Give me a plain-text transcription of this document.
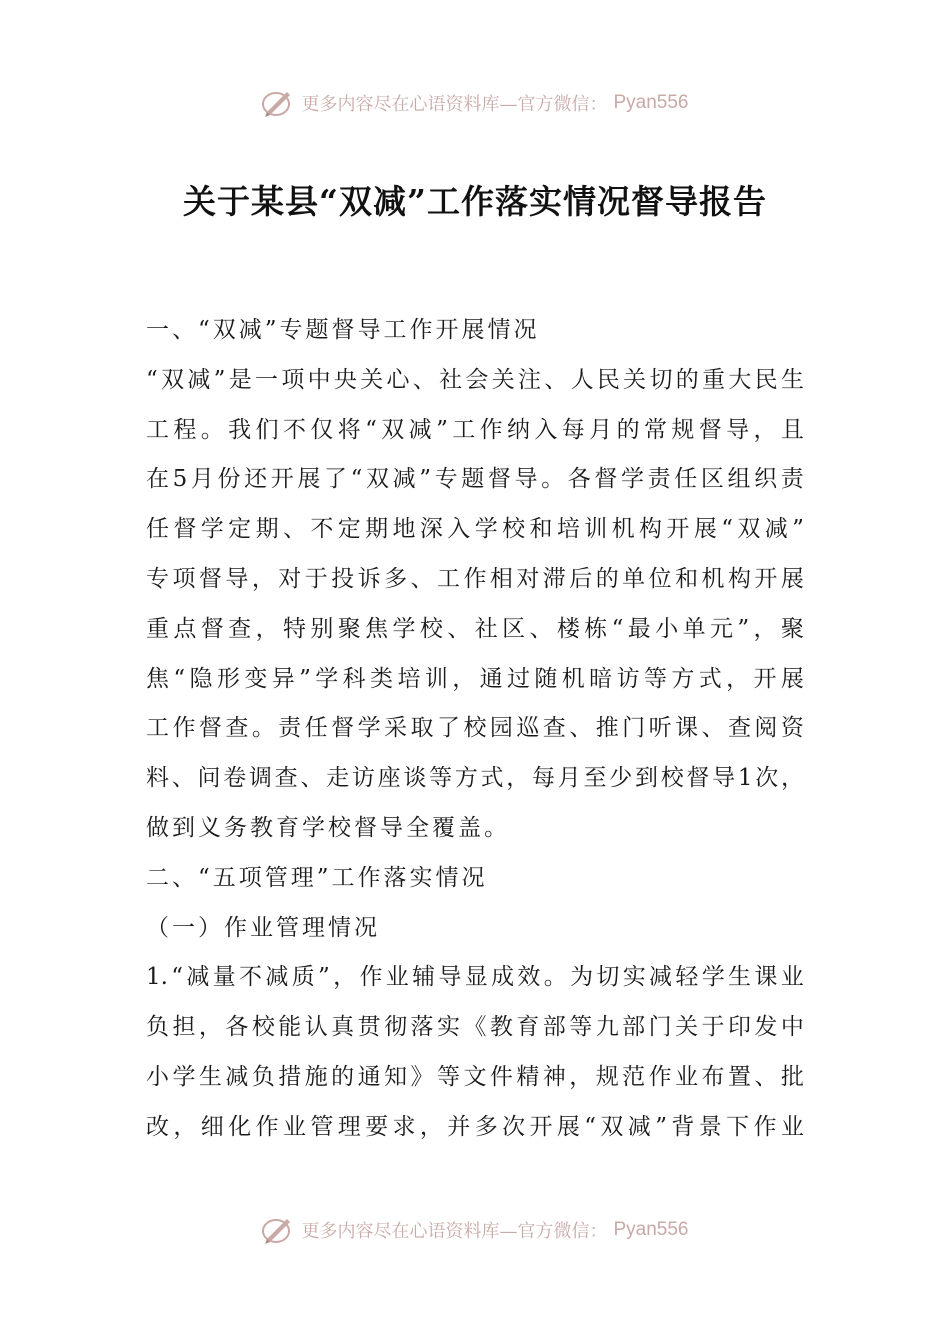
更多内容尽在心语资料库—官方微信： Pyan556
关于某县“双减”工作落实情况督导报告
一、“双减”专题督导工作开展情况
“ 双 减 ” 是 一 项 中 央 关 心 、 社 会 关 注 、 人 民 关 切 的 重 大 民 生
工 程 。 我 们 不 仅 将 “ 双 减 ” 工 作 纳 入 每 月 的 常 规 督 导 ， 且
在 5 月 份 还 开 展 了 “ 双 减 ” 专 题 督 导 。 各 督 学 责 任 区 组 织 责
任 督 学 定 期 、 不 定 期 地 深 入 学 校 和 培 训 机 构 开 展 “ 双 减 ”
专 项 督 导 ， 对 于 投 诉 多 、 工 作 相 对 滞 后 的 单 位 和 机 构 开 展
重 点 督 查 ， 特 别 聚 焦 学 校 、 社 区 、 楼 栋 “ 最 小 单 元 ” ， 聚
焦 “ 隐 形 变 异 ” 学 科 类 培 训 ， 通 过 随 机 暗 访 等 方 式 ， 开 展
工 作 督 查 。 责 任 督 学 采 取 了 校 园 巡 查 、 推 门 听 课 、 查 阅 资
料 、 问 卷 调 查 、 走 访 座 谈 等 方 式 ， 每 月 至 少 到 校 督 导 1 次 ，
做到义务教育学校督导全覆盖。
二、“五项管理”工作落实情况
（一）作业管理情况
1. “ 减 量 不 减 质 ” ， 作 业 辅 导 显 成 效 。 为 切 实 减 轻 学 生 课 业
负 担 ， 各 校 能 认 真 贯 彻 落 实 《 教 育 部 等 九 部 门 关 于 印 发 中
小 学 生 减 负 措 施 的 通 知 》 等 文 件 精 神 ， 规 范 作 业 布 置 、 批
改 ， 细 化 作 业 管 理 要 求 ， 并 多 次 开 展 “ 双 减 ” 背 景 下 作 业
更多内容尽在心语资料库—官方微信： Pyan556
